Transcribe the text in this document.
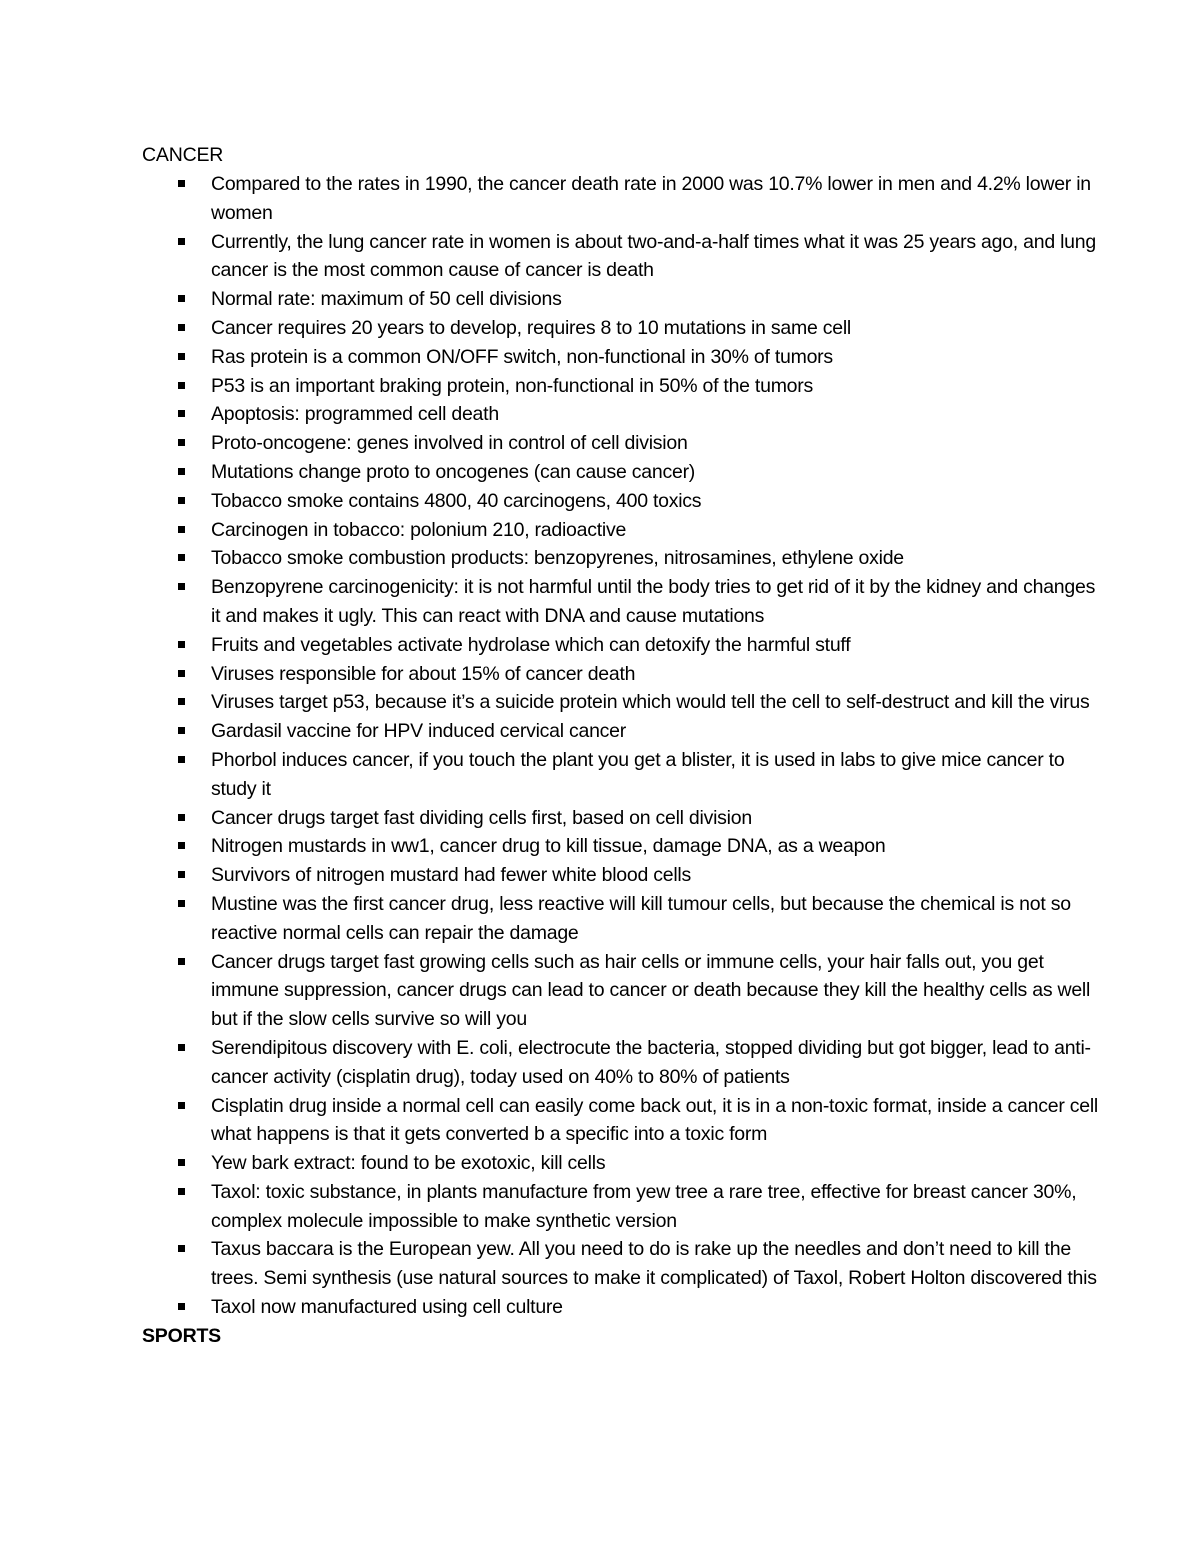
CANCER
Compared to the rates in 1990, the cancer death rate in 2000 was 10.7% lower in men and 4.2% lower in women
Currently, the lung cancer rate in women is about two-and-a-half times what it was 25 years ago, and lung cancer is the most common cause of cancer is death
Normal rate: maximum of 50 cell divisions
Cancer requires 20 years to develop, requires 8 to 10 mutations in same cell
Ras protein is a common ON/OFF switch, non-functional in 30% of tumors
P53 is an important braking protein, non-functional in 50% of the tumors
Apoptosis: programmed cell death
Proto-oncogene: genes involved in control of cell division
Mutations change proto to oncogenes (can cause cancer)
Tobacco smoke contains 4800, 40 carcinogens, 400 toxics
Carcinogen in tobacco: polonium 210, radioactive
Tobacco smoke combustion products: benzopyrenes, nitrosamines, ethylene oxide
Benzopyrene carcinogenicity: it is not harmful until the body tries to get rid of it by the kidney and changes it and makes it ugly. This can react with DNA and cause mutations
Fruits and vegetables activate hydrolase which can detoxify the harmful stuff
Viruses responsible for about 15% of cancer death
Viruses target p53, because it’s a suicide protein which would tell the cell to self-destruct and kill the virus
Gardasil vaccine for HPV induced cervical cancer
Phorbol induces cancer, if you touch the plant you get a blister, it is used in labs to give mice cancer to study it
Cancer drugs target fast dividing cells first, based on cell division
Nitrogen mustards in ww1, cancer drug to kill tissue, damage DNA, as a weapon
Survivors of nitrogen mustard had fewer white blood cells
Mustine was the first cancer drug, less reactive will kill tumour cells, but because the chemical is not so reactive normal cells can repair the damage
Cancer drugs target fast growing cells such as hair cells or immune cells, your hair falls out, you get immune suppression, cancer drugs can lead to cancer or death because they kill the healthy cells as well but if the slow cells survive so will you
Serendipitous discovery with E. coli, electrocute the bacteria, stopped dividing but got bigger, lead to anti- cancer activity (cisplatin drug), today used on 40% to 80% of patients
Cisplatin drug inside a normal cell can easily come back out, it is in a non-toxic format, inside a cancer cell what happens is that it gets converted b a specific into a toxic form
Yew bark extract: found to be exotoxic, kill cells
Taxol: toxic substance, in plants manufacture from yew tree a rare tree, effective for breast cancer 30%, complex molecule impossible to make synthetic version
Taxus baccara is the European yew. All you need to do is rake up the needles and don’t need to kill the trees. Semi synthesis (use natural sources to make it complicated) of Taxol, Robert Holton discovered this
Taxol now manufactured using cell culture
SPORTS
